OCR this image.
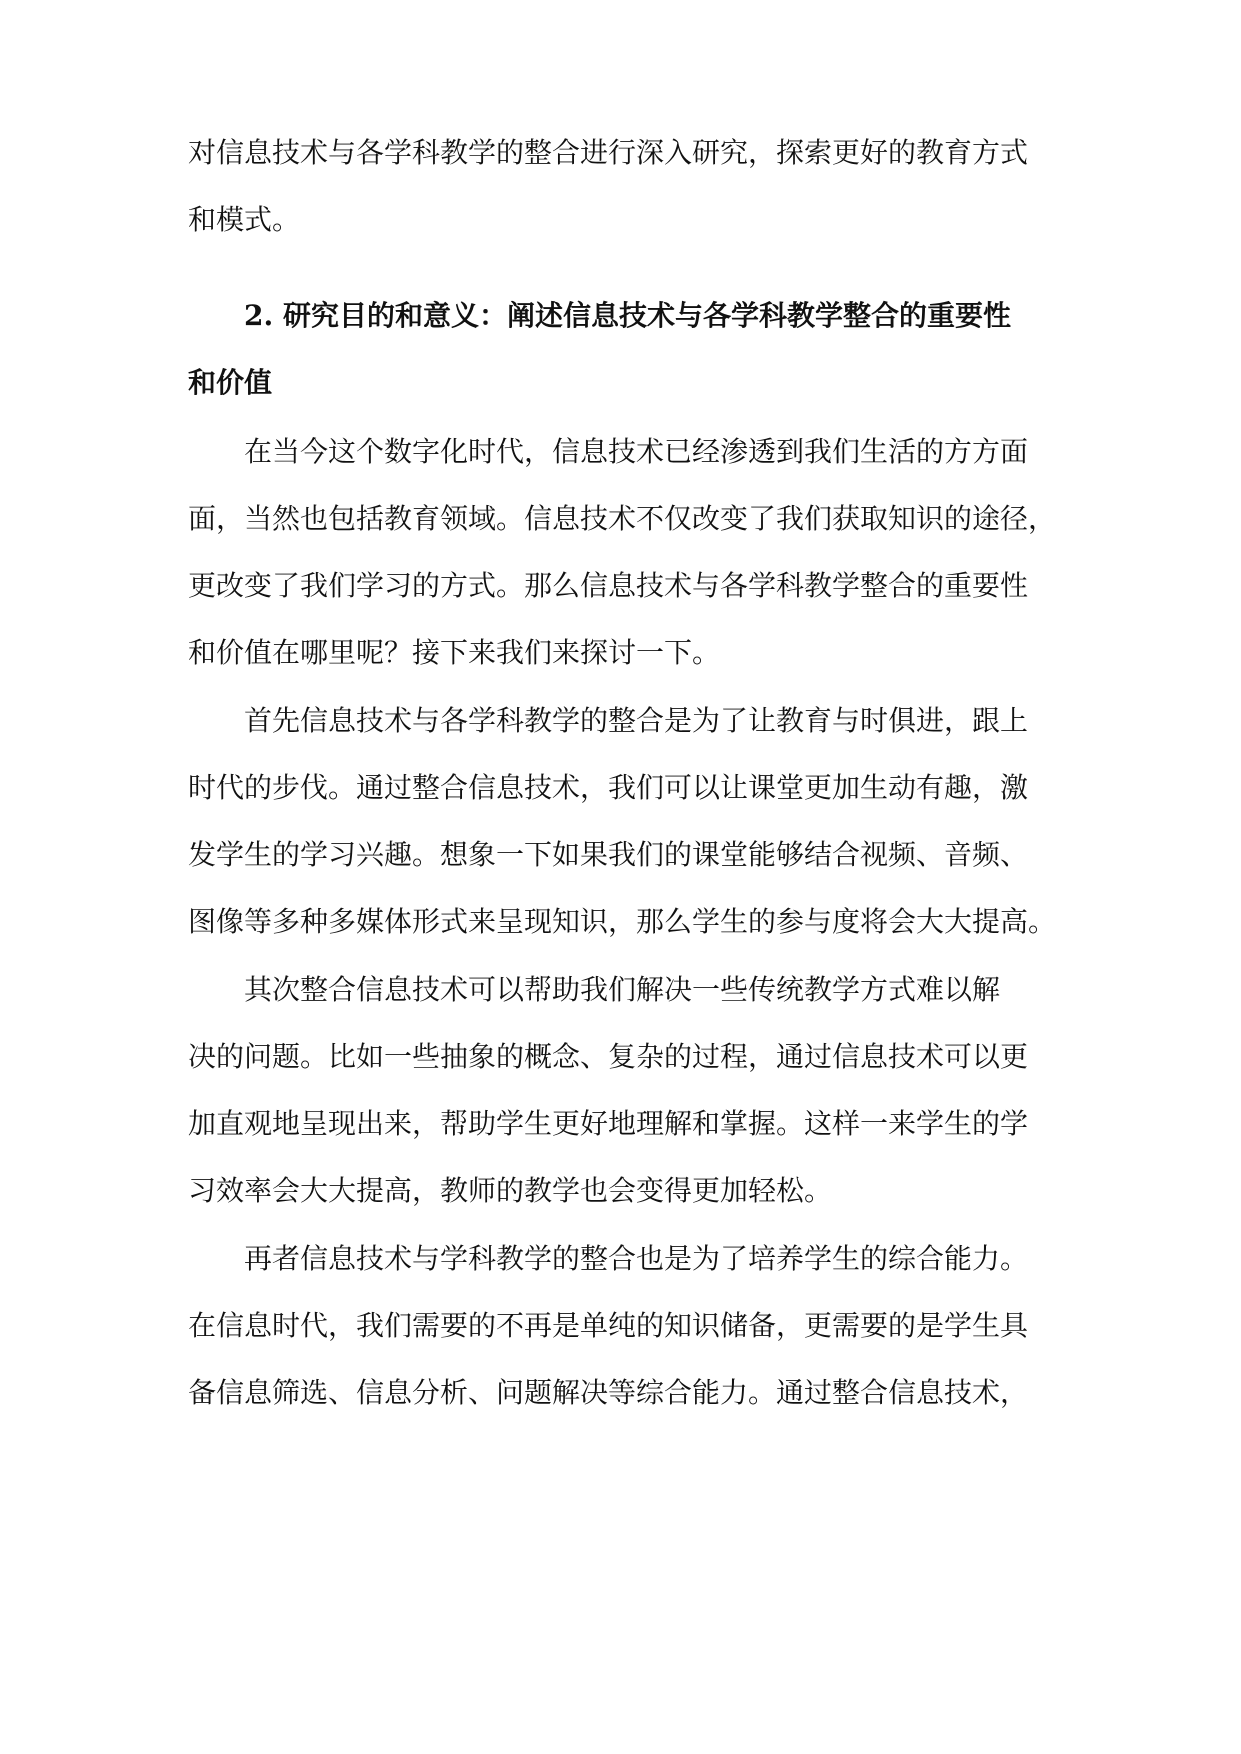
对信息技术与各学科教学的整合进行深入研究，探索更好的教育方式
和模式。
2. 研究目的和意义：阐述信息技术与各学科教学整合的重要性
和价值
在当今这个数字化时代，信息技术已经渗透到我们生活的方方面
面，当然也包括教育领域。信息技术不仅改变了我们获取知识的途径，
更改变了我们学习的方式。那么信息技术与各学科教学整合的重要性
和价值在哪里呢？接下来我们来探讨一下。
首先信息技术与各学科教学的整合是为了让教育与时俱进，跟上
时代的步伐。通过整合信息技术，我们可以让课堂更加生动有趣，激
发学生的学习兴趣。想象一下如果我们的课堂能够结合视频、音频、
图像等多种多媒体形式来呈现知识，那么学生的参与度将会大大提高。
其次整合信息技术可以帮助我们解决一些传统教学方式难以解
决的问题。比如一些抽象的概念、复杂的过程，通过信息技术可以更
加直观地呈现出来，帮助学生更好地理解和掌握。这样一来学生的学
习效率会大大提高，教师的教学也会变得更加轻松。
再者信息技术与学科教学的整合也是为了培养学生的综合能力。
在信息时代，我们需要的不再是单纯的知识储备，更需要的是学生具
备信息筛选、信息分析、问题解决等综合能力。通过整合信息技术，
